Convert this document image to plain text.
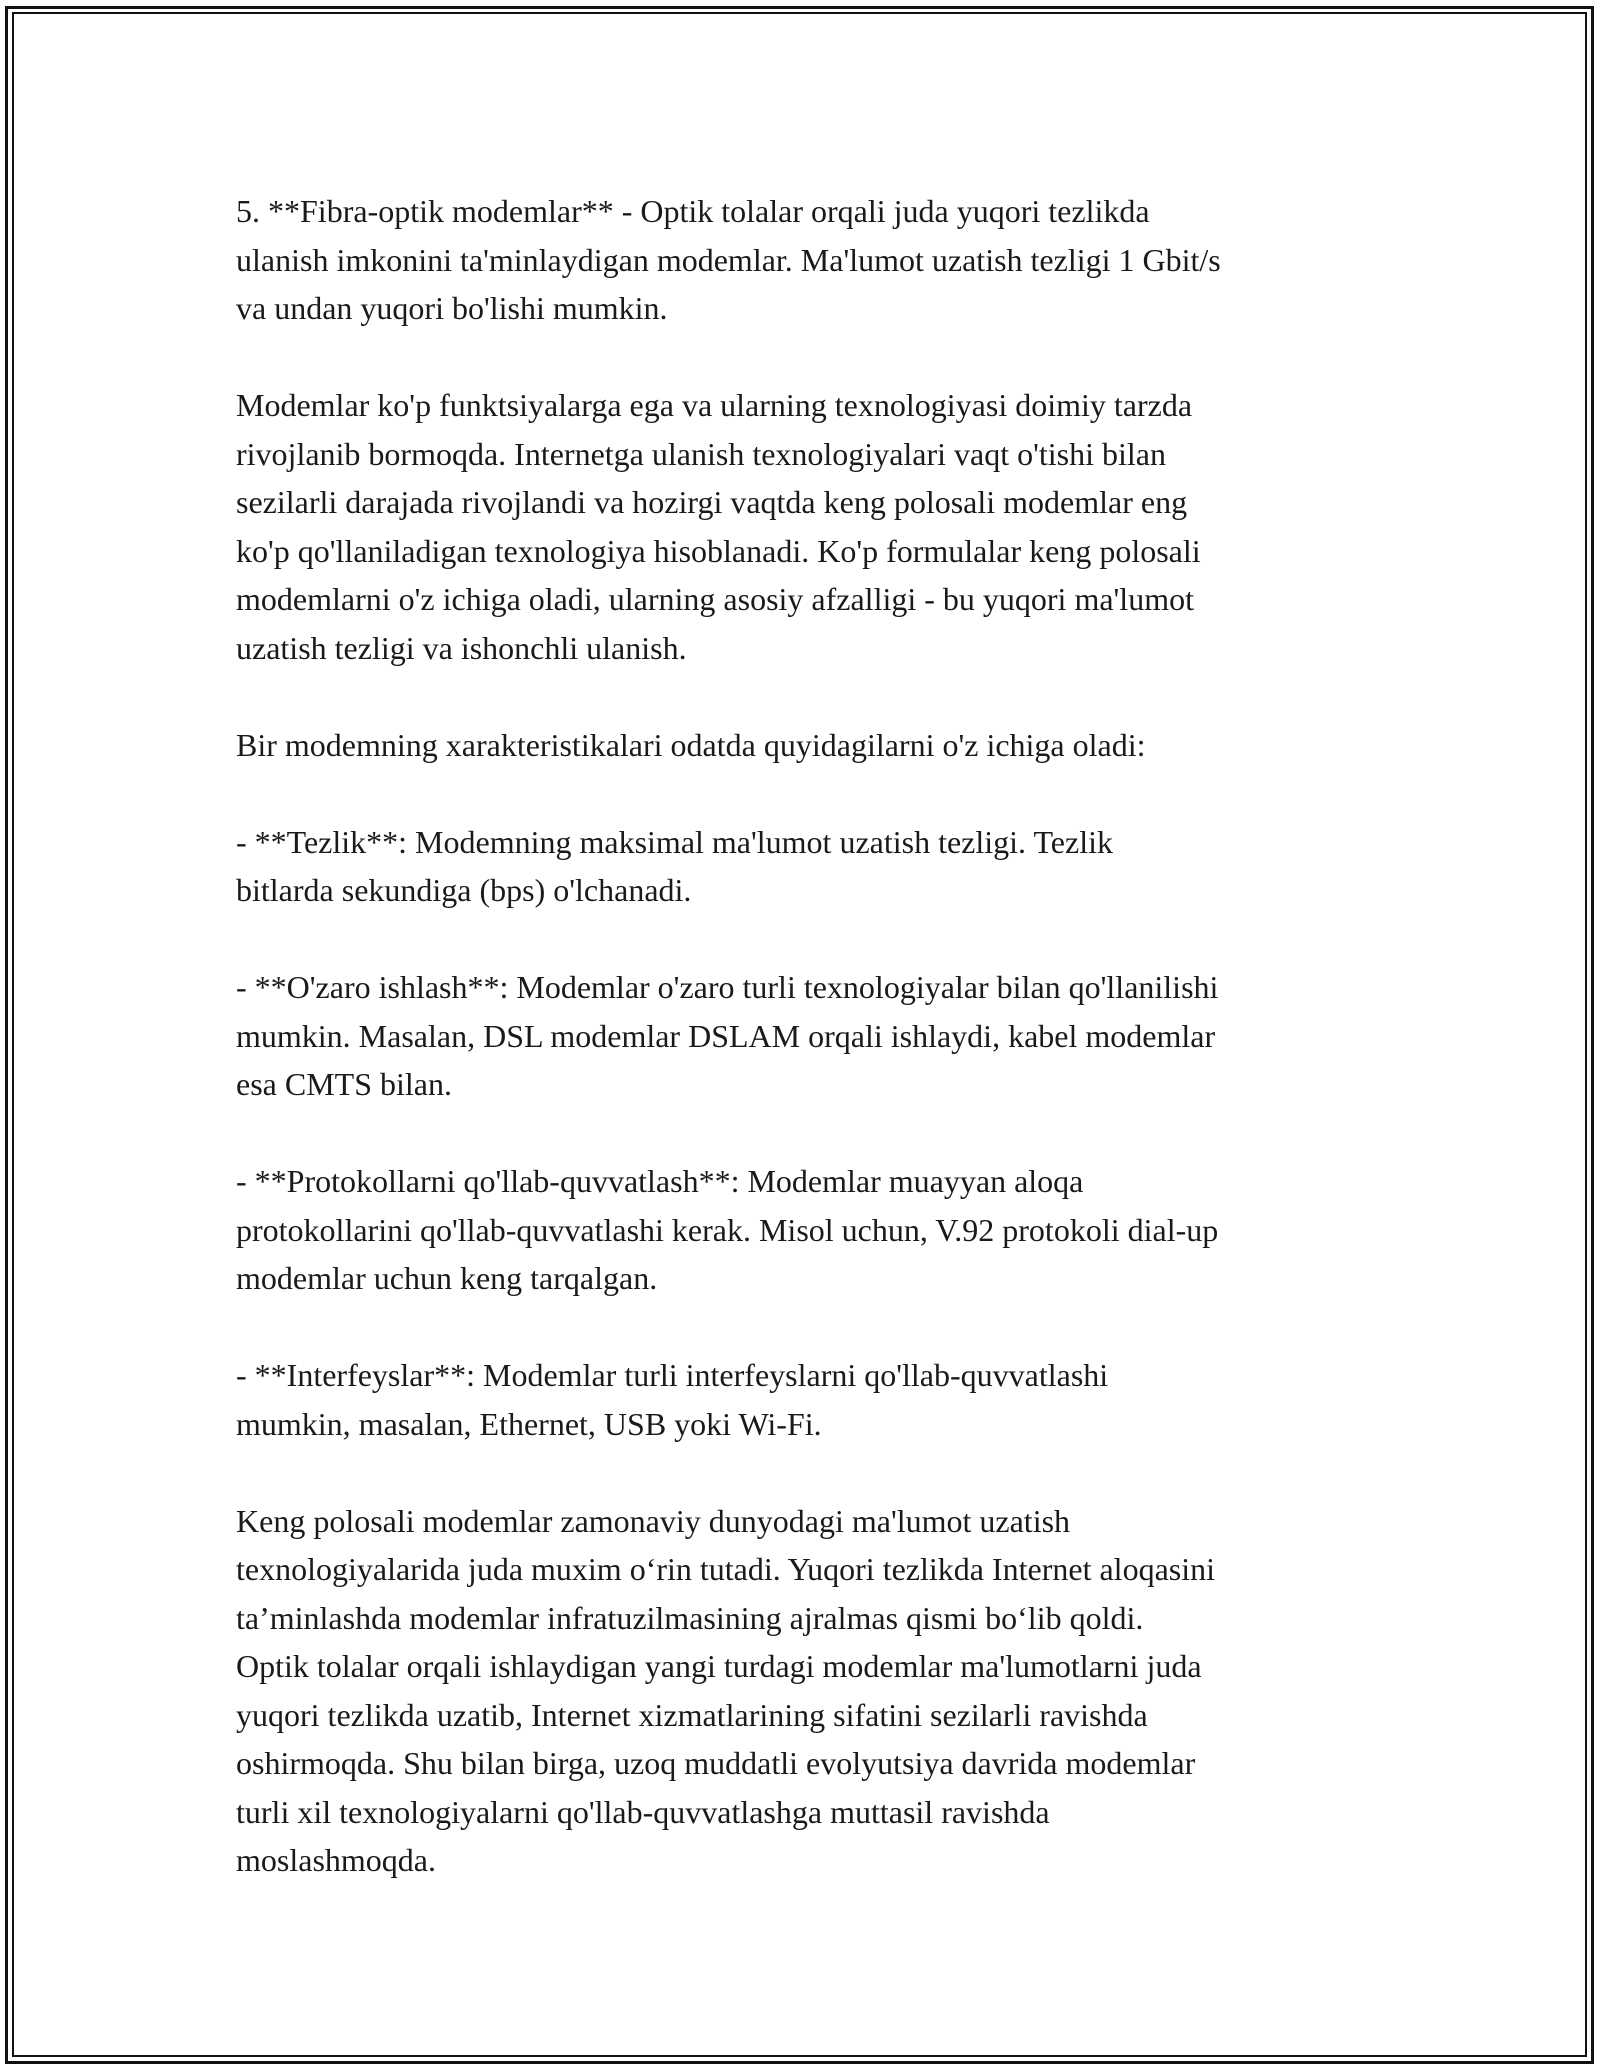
5. **Fibra-optik modemlar** - Optik tolalar orqali juda yuqori tezlikda
ulanish imkonini ta'minlaydigan modemlar. Ma'lumot uzatish tezligi 1 Gbit/s
va undan yuqori bo'lishi mumkin.

Modemlar ko'p funktsiyalarga ega va ularning texnologiyasi doimiy tarzda
rivojlanib bormoqda. Internetga ulanish texnologiyalari vaqt o'tishi bilan
sezilarli darajada rivojlandi va hozirgi vaqtda keng polosali modemlar eng
ko'p qo'llaniladigan texnologiya hisoblanadi. Ko'p formulalar keng polosali
modemlarni o'z ichiga oladi, ularning asosiy afzalligi - bu yuqori ma'lumot
uzatish tezligi va ishonchli ulanish.

Bir modemning xarakteristikalari odatda quyidagilarni o'z ichiga oladi:

- **Tezlik**: Modemning maksimal ma'lumot uzatish tezligi. Tezlik
bitlarda sekundiga (bps) o'lchanadi.

- **O'zaro ishlash**: Modemlar o'zaro turli texnologiyalar bilan qo'llanilishi
mumkin. Masalan, DSL modemlar DSLAM orqali ishlaydi, kabel modemlar
esa CMTS bilan.

- **Protokollarni qo'llab-quvvatlash**: Modemlar muayyan aloqa
protokollarini qo'llab-quvvatlashi kerak. Misol uchun, V.92 protokoli dial-up
modemlar uchun keng tarqalgan.

- **Interfeyslar**: Modemlar turli interfeyslarni qo'llab-quvvatlashi
mumkin, masalan, Ethernet, USB yoki Wi-Fi.

Keng polosali modemlar zamonaviy dunyodagi ma'lumot uzatish
texnologiyalarida juda muxim o‘rin tutadi. Yuqori tezlikda Internet aloqasini
ta’minlashda modemlar infratuzilmasining ajralmas qismi bo‘lib qoldi.
Optik tolalar orqali ishlaydigan yangi turdagi modemlar ma'lumotlarni juda
yuqori tezlikda uzatib, Internet xizmatlarining sifatini sezilarli ravishda
oshirmoqda. Shu bilan birga, uzoq muddatli evolyutsiya davrida modemlar
turli xil texnologiyalarni qo'llab-quvvatlashga muttasil ravishda
moslashmoqda.
